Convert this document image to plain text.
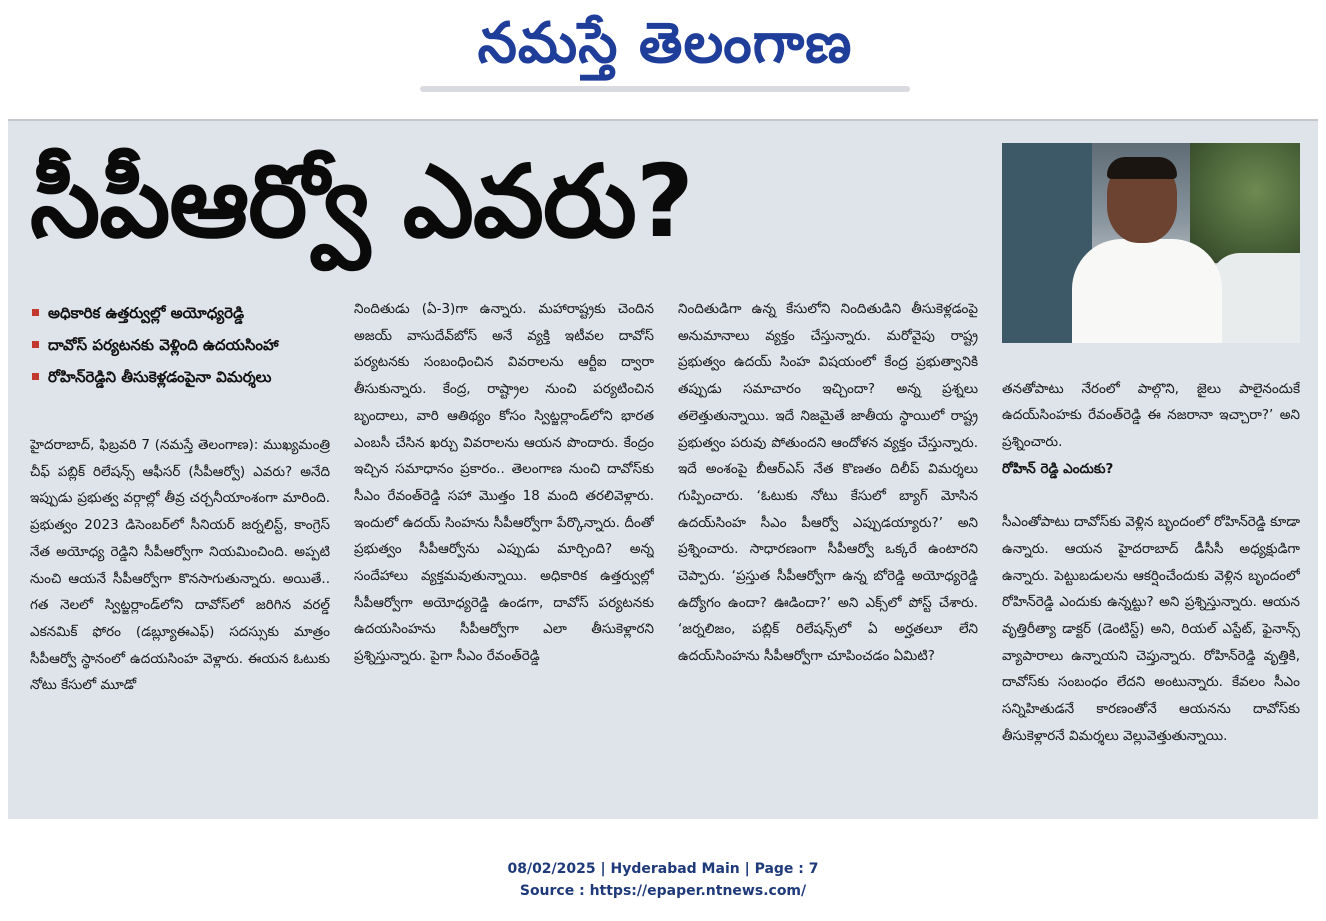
నమస్తే తెలంగాణ
సీపీఆర్వో ఎవరు?
అధికారిక ఉత్తర్వుల్లో అయోధ్యరెడ్డి
దావోస్ పర్యటనకు వెళ్లింది ఉదయసింహా
రోహిన్‌రెడ్డిని తీసుకెళ్లడంపైనా విమర్శలు
హైదరాబాద్, ఫిబ్రవరి 7 (నమస్తే తెలంగాణ): ముఖ్యమంత్రి చీఫ్ పబ్లిక్ రిలేషన్స్ ఆఫీసర్ (సీపీఆర్వో) ఎవరు? అనేది ఇప్పుడు ప్రభుత్వ వర్గాల్లో తీవ్ర చర్చనీయాంశంగా మారింది. ప్రభుత్వం 2023 డిసెంబర్‌లో సీనియర్ జర్నలిస్ట్, కాంగ్రెస్ నేత అయోధ్య రెడ్డిని సీపీఆర్వోగా నియమించింది. అప్పటి నుంచి ఆయనే సీపీఆర్వోగా కొనసాగుతున్నారు. అయితే.. గత నెలలో స్విట్జర్లాండ్‌లోని దావోస్‌లో జరిగిన వరల్డ్ ఎకనమిక్ ఫోరం (డబ్ల్యూఈఎఫ్) సదస్సుకు మాత్రం సీపీఆర్వో స్థానంలో ఉదయసింహ వెళ్లారు. ఈయన ఓటుకు నోటు కేసులో మూడో
నిందితుడు (ఏ-3)గా ఉన్నారు. మహారాష్ట్రకు చెందిన అజయ్ వాసుదేవ్‌బోస్ అనే వ్యక్తి ఇటీవల దావోస్ పర్యటనకు సంబంధించిన వివరాలను ఆర్టీఐ ద్వారా తీసుకున్నారు. కేంద్ర, రాష్ట్రాల నుంచి పర్యటించిన బృందాలు, వారి ఆతిథ్యం కోసం స్విట్జర్లాండ్‌లోని భారత ఎంబసీ చేసిన ఖర్చు వివరాలను ఆయన పొందారు. కేంద్రం ఇచ్చిన సమాధానం ప్రకారం.. తెలంగాణ నుంచి దావోస్‌కు సీఎం రేవంత్‌రెడ్డి సహా మొత్తం 18 మంది తరలివెళ్లారు. ఇందులో ఉదయ్ సింహను సీపీఆర్వోగా పేర్కొన్నారు. దీంతో ప్రభుత్వం సీపీఆర్వోను ఎప్పుడు మార్చింది? అన్న సందేహాలు వ్యక్తమవుతున్నాయి. అధికారిక ఉత్తర్వుల్లో సీపీఆర్వోగా అయోధ్యరెడ్డి ఉండగా, దావోస్ పర్యటనకు ఉదయసింహను సీపీఆర్వోగా ఎలా తీసుకెళ్లారని ప్రశ్నిస్తున్నారు. పైగా సీఎం రేవంత్‌రెడ్డి
నిందితుడిగా ఉన్న కేసులోని నిందితుడిని తీసుకెళ్లడంపై అనుమానాలు వ్యక్తం చేస్తున్నారు. మరోవైపు రాష్ట్ర ప్రభుత్వం ఉదయ్ సింహ విషయంలో కేంద్ర ప్రభుత్వానికి తప్పుడు సమాచారం ఇచ్చిందా? అన్న ప్రశ్నలు తలెత్తుతున్నాయి. ఇదే నిజమైతే జాతీయ స్థాయిలో రాష్ట్ర ప్రభుత్వం పరువు పోతుందని ఆందోళన వ్యక్తం చేస్తున్నారు. ఇదే అంశంపై బీఆర్‌ఎస్ నేత కొణతం దిలీప్ విమర్శలు గుప్పించారు. ‘ఓటుకు నోటు కేసులో బ్యాగ్ మోసిన ఉదయ్‌సింహ సీఎం పీఆర్వో ఎప్పుడయ్యారు?’ అని ప్రశ్నించారు. సాధారణంగా సీపీఆర్వో ఒక్కరే ఉంటారని చెప్పారు. ‘ప్రస్తుత సీపీఆర్వోగా ఉన్న బోరెడ్డి అయోధ్యరెడ్డి ఉద్యోగం ఉందా? ఊడిందా?’ అని ఎక్స్‌లో పోస్ట్ చేశారు. ‘జర్నలిజం, పబ్లిక్ రిలేషన్స్‌లో ఏ అర్హతలూ లేని ఉదయ్‌సింహను సీపీఆర్వోగా చూపించడం ఏమిటి?

తనతోపాటు నేరంలో పాల్గొని, జైలు పాలైనందుకే ఉదయ్‌సింహకు రేవంత్‌రెడ్డి ఈ నజరానా ఇచ్చారా?’ అని ప్రశ్నించారు.

రోహిన్ రెడ్డి ఎందుకు?

సీఎంతోపాటు దావోస్‌కు వెళ్లిన బృందంలో రోహిన్‌రెడ్డి కూడా ఉన్నారు. ఆయన హైదరాబాద్ డీసీసీ అధ్యక్షుడిగా ఉన్నారు. పెట్టుబడులను ఆకర్షించేందుకు వెళ్లిన బృందంలో రోహిన్‌రెడ్డి ఎందుకు ఉన్నట్టు? అని ప్రశ్నిస్తున్నారు. ఆయన వృత్తిరీత్యా డాక్టర్ (డెంటిస్ట్) అని, రియల్ ఎస్టేట్, ఫైనాన్స్ వ్యాపారాలు ఉన్నాయని చెప్తున్నారు. రోహిన్‌రెడ్డి వృత్తికి, దావోస్‌కు సంబంధం లేదని అంటున్నారు. కేవలం సీఎం సన్నిహితుడనే కారణంతోనే ఆయనను దావోస్‌కు తీసుకెళ్లారనే విమర్శలు వెల్లువెత్తుతున్నాయి.

08/02/2025 | Hyderabad Main | Page : 7
Source : https://epaper.ntnews.com/
